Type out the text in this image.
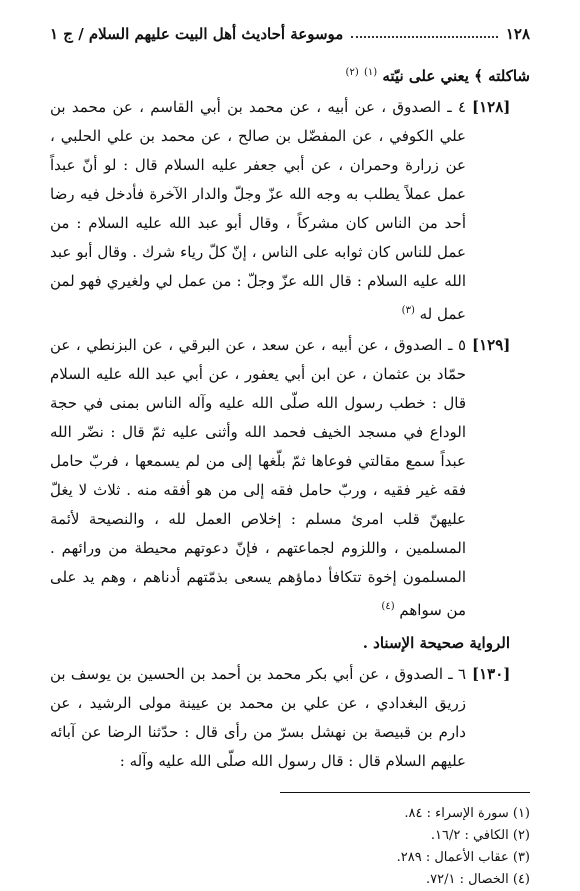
١٢٨
موسوعة أحاديث أهل البيت عليهم السلام / ج ١
شاكلته ﴾ يعني على نيّته $^{(١)}$ $^{(٢)}$
[١٢٨]
٤ ـ الصدوق ، عن أبيه ، عن محمد بن أبي القاسم ، عن محمد بن علي الكوفي ، عن المفضّل بن صالح ، عن محمد بن علي الحلبي ، عن زرارة وحمران ، عن أبي جعفر عليه السلام قال : لو أنّ عبداً عمل عملاً يطلب به وجه الله عزّ وجلّ والدار الآخرة فأدخل فيه رضا أحد من الناس كان مشركاً ، وقال أبو عبد الله عليه السلام : من عمل للناس كان ثوابه على الناس ، إنّ كلّ رياء شرك . وقال أبو عبد الله عليه السلام : قال الله عزّ وجلّ : من عمل لي ولغيري فهو لمن عمل له $^{(٣)}$
[١٢٩]
٥ ـ الصدوق ، عن أبيه ، عن سعد ، عن البرقي ، عن البزنطي ، عن حمّاد بن عثمان ، عن ابن أبي يعفور ، عن أبي عبد الله عليه السلام قال : خطب رسول الله صلّى الله عليه وآله الناس بمنى في حجة الوداع في مسجد الخيف فحمد الله وأثنى عليه ثمّ قال : نضّر الله عبداً سمع مقالتي فوعاها ثمّ بلّغها إلى من لم يسمعها ، فربّ حامل فقه غير فقيه ، وربّ حامل فقه إلى من هو أفقه منه . ثلاث لا يغلّ عليهنّ قلب امرئ مسلم : إخلاص العمل لله ، والنصيحة لأئمة المسلمين ، واللزوم لجماعتهم ، فإنّ دعوتهم محيطة من ورائهم . المسلمون إخوة تتكافأ دماؤهم يسعى بذمّتهم أدناهم ، وهم يد على من سواهم $^{(٤)}$
الرواية صحيحة الإسناد .
[١٣٠]
٦ ـ الصدوق ، عن أبي بكر محمد بن أحمد بن الحسين بن يوسف بن زريق البغدادي ، عن علي بن محمد بن عيينة مولى الرشيد ، عن دارم بن قبيصة بن نهشل بسرّ من رأى قال : حدّثنا الرضا عن آبائه عليهم السلام قال : قال رسول الله صلّى الله عليه وآله :
(١) سورة الإسراء : ٨٤.
(٢) الكافي : ١٦/٢.
(٣) عقاب الأعمال : ٢٨٩.
(٤) الخصال : ٧٢/١.
